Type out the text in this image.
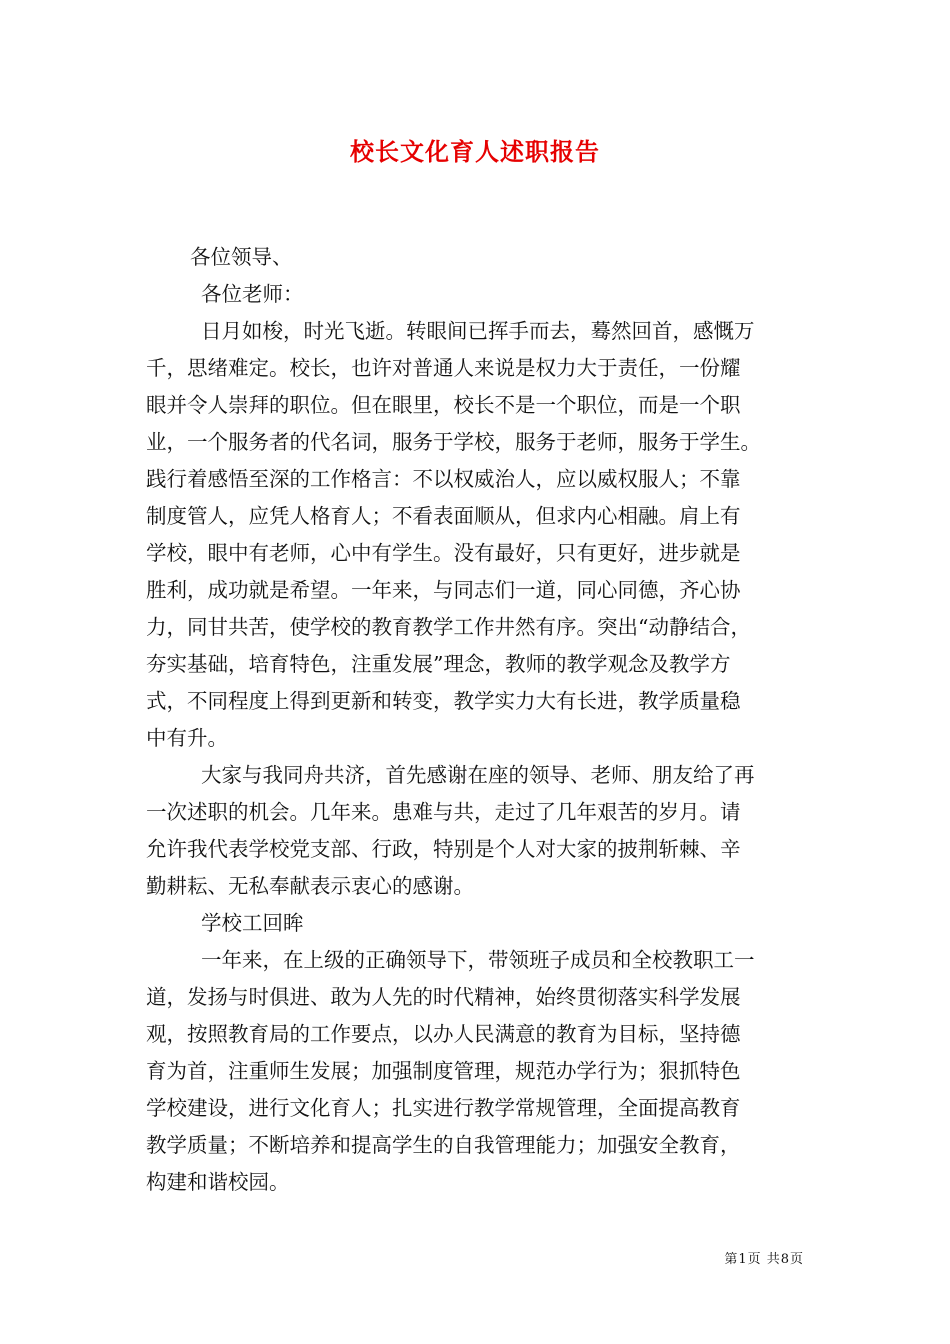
校长文化育人述职报告
各位领导、
各位老师：
日月如梭，时光飞逝。转眼间已挥手而去，蓦然回首，感慨万
千，思绪难定。校长，也许对普通人来说是权力大于责任，一份耀
眼并令人崇拜的职位。但在眼里，校长不是一个职位，而是一个职
业，一个服务者的代名词，服务于学校，服务于老师，服务于学生。
践行着感悟至深的工作格言：不以权威治人，应以威权服人；不靠
制度管人，应凭人格育人；不看表面顺从，但求内心相融。肩上有
学校，眼中有老师，心中有学生。没有最好，只有更好，进步就是
胜利，成功就是希望。一年来，与同志们一道，同心同德，齐心协
力，同甘共苦，使学校的教育教学工作井然有序。突出“动静结合，
夯实基础，培育特色，注重发展”理念，教师的教学观念及教学方
式，不同程度上得到更新和转变，教学实力大有长进，教学质量稳
中有升。
大家与我同舟共济，首先感谢在座的领导、老师、朋友给了再
一次述职的机会。几年来。患难与共，走过了几年艰苦的岁月。请
允许我代表学校党支部、行政，特别是个人对大家的披荆斩棘、辛
勤耕耘、无私奉献表示衷心的感谢。
学校工回眸
一年来，在上级的正确领导下，带领班子成员和全校教职工一
道，发扬与时俱进、敢为人先的时代精神，始终贯彻落实科学发展
观，按照教育局的工作要点，以办人民满意的教育为目标，坚持德
育为首，注重师生发展；加强制度管理，规范办学行为；狠抓特色
学校建设，进行文化育人；扎实进行教学常规管理，全面提高教育
教学质量；不断培养和提高学生的自我管理能力；加强安全教育，
构建和谐校园。
第1页 共8页
